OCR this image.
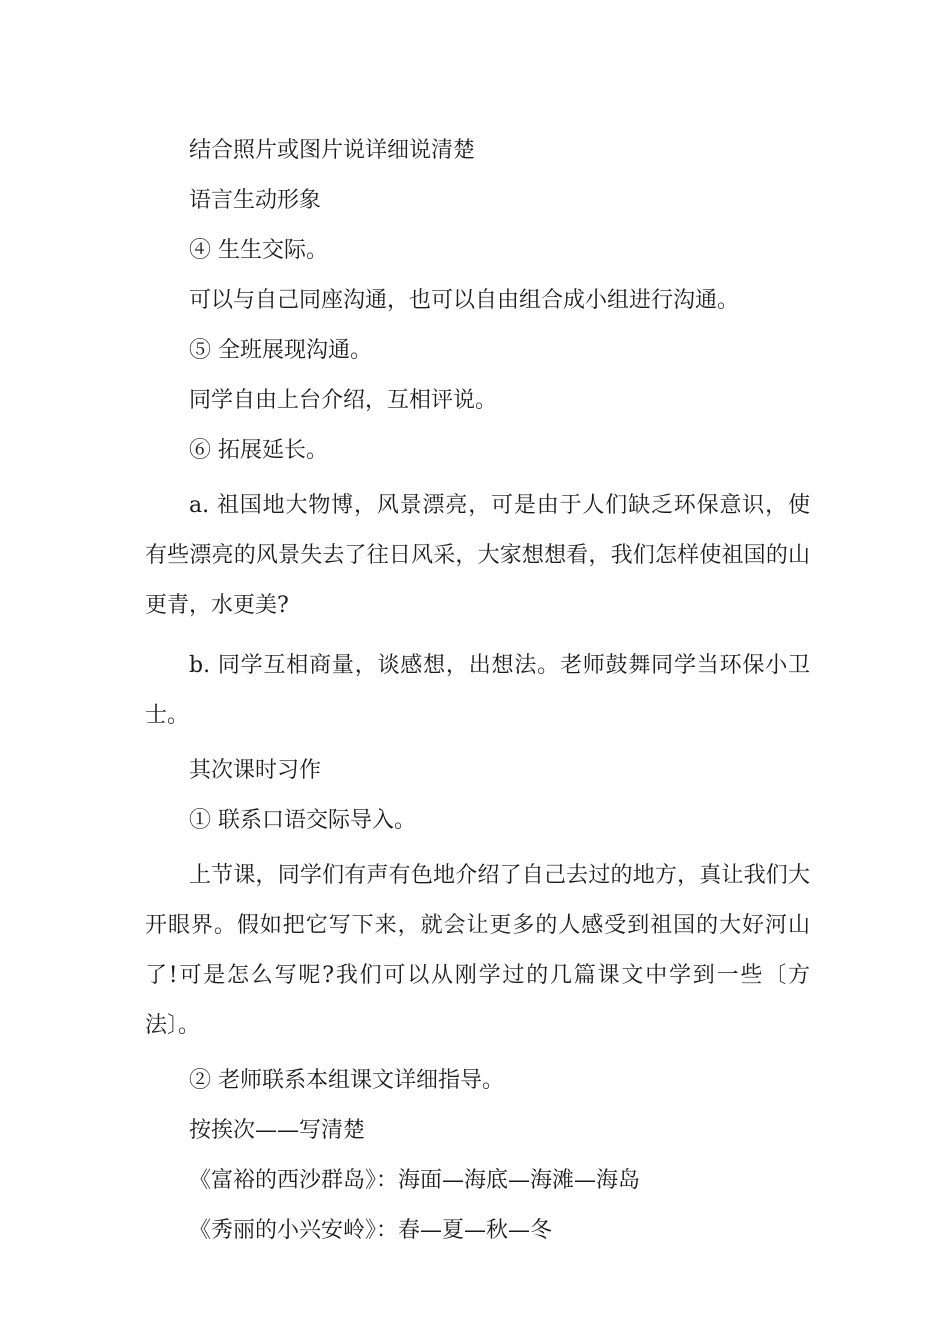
结合照片或图片说详细说清楚

语言生动形象

④ 生生交际。

可以与自己同座沟通，也可以自由组合成小组进行沟通。

⑤ 全班展现沟通。

同学自由上台介绍，互相评说。

⑥ 拓展延长。

a. 祖国地大物博，风景漂亮，可是由于人们缺乏环保意识，使有些漂亮的风景失去了往日风采，大家想想看，我们怎样使祖国的山更青，水更美?

b. 同学互相商量，谈感想，出想法。老师鼓舞同学当环保小卫士。

其次课时习作

① 联系口语交际导入。

上节课，同学们有声有色地介绍了自己去过的地方，真让我们大开眼界。假如把它写下来，就会让更多的人感受到祖国的大好河山了!可是怎么写呢?我们可以从刚学过的几篇课文中学到一些〔方法〕。

② 老师联系本组课文详细指导。

按挨次——写清楚

《富裕的西沙群岛》：海面—海底—海滩—海岛

《秀丽的小兴安岭》：春—夏—秋—冬
